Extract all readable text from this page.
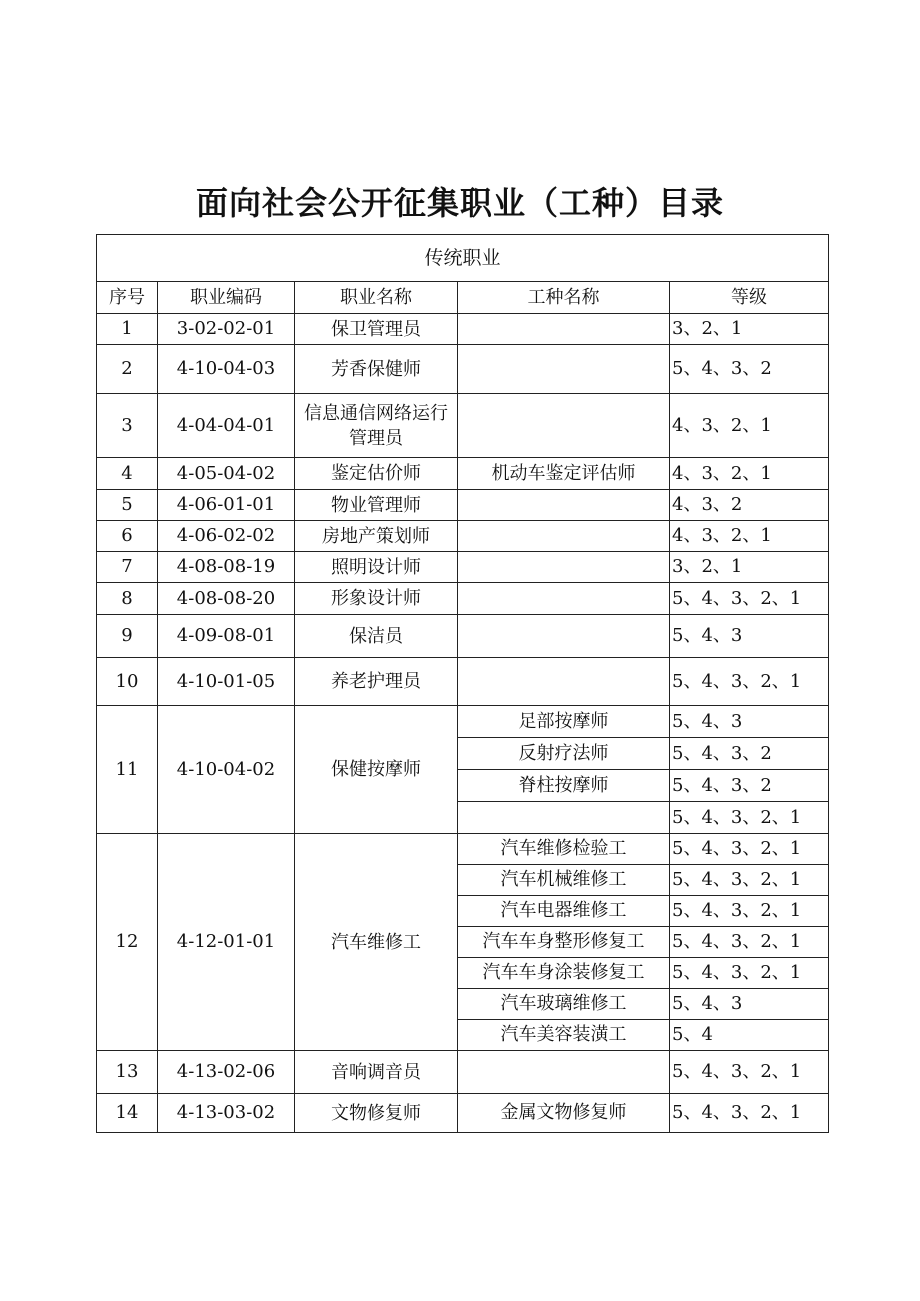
面向社会公开征集职业（工种）目录
传统职业				
序号	职业编码	职业名称	工种名称	等级
1	3-02-02-01	保卫管理员		3、2、1
2	4-10-04-03	芳香保健师		5、4、3、2
3	4-04-04-01	信息通信网络运行管理员		4、3、2、1
4	4-05-04-02	鉴定估价师	机动车鉴定评估师	4、3、2、1
5	4-06-01-01	物业管理师		4、3、2
6	4-06-02-02	房地产策划师		4、3、2、1
7	4-08-08-19	照明设计师		3、2、1
8	4-08-08-20	形象设计师		5、4、3、2、1
9	4-09-08-01	保洁员		5、4、3
10	4-10-01-05	养老护理员		5、4、3、2、1
11	4-10-04-02	保健按摩师	足部按摩师	5、4、3
			反射疗法师	5、4、3、2
			脊柱按摩师	5、4、3、2
				5、4、3、2、1
12	4-12-01-01	汽车维修工	汽车维修检验工	5、4、3、2、1
			汽车机械维修工	5、4、3、2、1
			汽车电器维修工	5、4、3、2、1
			汽车车身整形修复工	5、4、3、2、1
			汽车车身涂装修复工	5、4、3、2、1
			汽车玻璃维修工	5、4、3
			汽车美容装潢工	5、4
13	4-13-02-06	音响调音员		5、4、3、2、1
14	4-13-03-02	文物修复师	金属文物修复师	5、4、3、2、1
